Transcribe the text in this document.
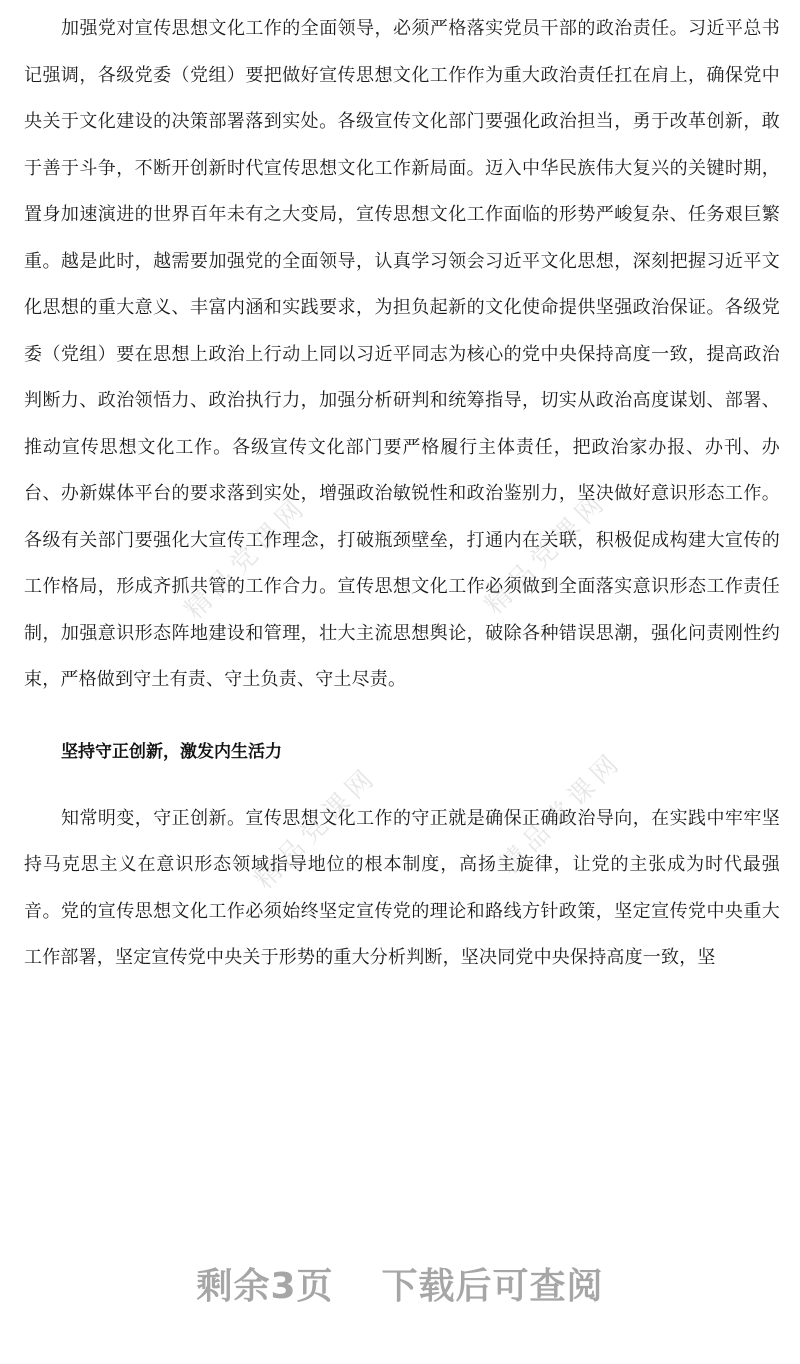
精品党课网	精品党课网
精品党课网	精品党课网

加强党对宣传思想文化工作的全面领导，必须严格落实党员干部的政治责任。习近平总书记强调，各级党委（党组）要把做好宣传思想文化工作作为重大政治责任扛在肩上，确保党中央关于文化建设的决策部署落到实处。各级宣传文化部门要强化政治担当，勇于改革创新，敢于善于斗争，不断开创新时代宣传思想文化工作新局面。迈入中华民族伟大复兴的关键时期，置身加速演进的世界百年未有之大变局，宣传思想文化工作面临的形势严峻复杂、任务艰巨繁重。越是此时，越需要加强党的全面领导，认真学习领会习近平文化思想，深刻把握习近平文化思想的重大意义、丰富内涵和实践要求，为担负起新的文化使命提供坚强政治保证。各级党委（党组）要在思想上政治上行动上同以习近平同志为核心的党中央保持高度一致，提高政治判断力、政治领悟力、政治执行力，加强分析研判和统筹指导，切实从政治高度谋划、部署、推动宣传思想文化工作。各级宣传文化部门要严格履行主体责任，把政治家办报、办刊、办台、办新媒体平台的要求落到实处，增强政治敏锐性和政治鉴别力，坚决做好意识形态工作。各级有关部门要强化大宣传工作理念，打破瓶颈壁垒，打通内在关联，积极促成构建大宣传的工作格局，形成齐抓共管的工作合力。宣传思想文化工作必须做到全面落实意识形态工作责任制，加强意识形态阵地建设和管理，壮大主流思想舆论，破除各种错误思潮，强化问责刚性约束，严格做到守土有责、守土负责、守土尽责。

坚持守正创新，激发内生活力

知常明变，守正创新。宣传思想文化工作的守正就是确保正确政治导向，在实践中牢牢坚持马克思主义在意识形态领域指导地位的根本制度，高扬主旋律，让党的主张成为时代最强音。党的宣传思想文化工作必须始终坚定宣传党的理论和路线方针政策，坚定宣传党中央重大工作部署，坚定宣传党中央关于形势的重大分析判断，坚决同党中央保持高度一致，坚

剩余3页 下载后可查阅
